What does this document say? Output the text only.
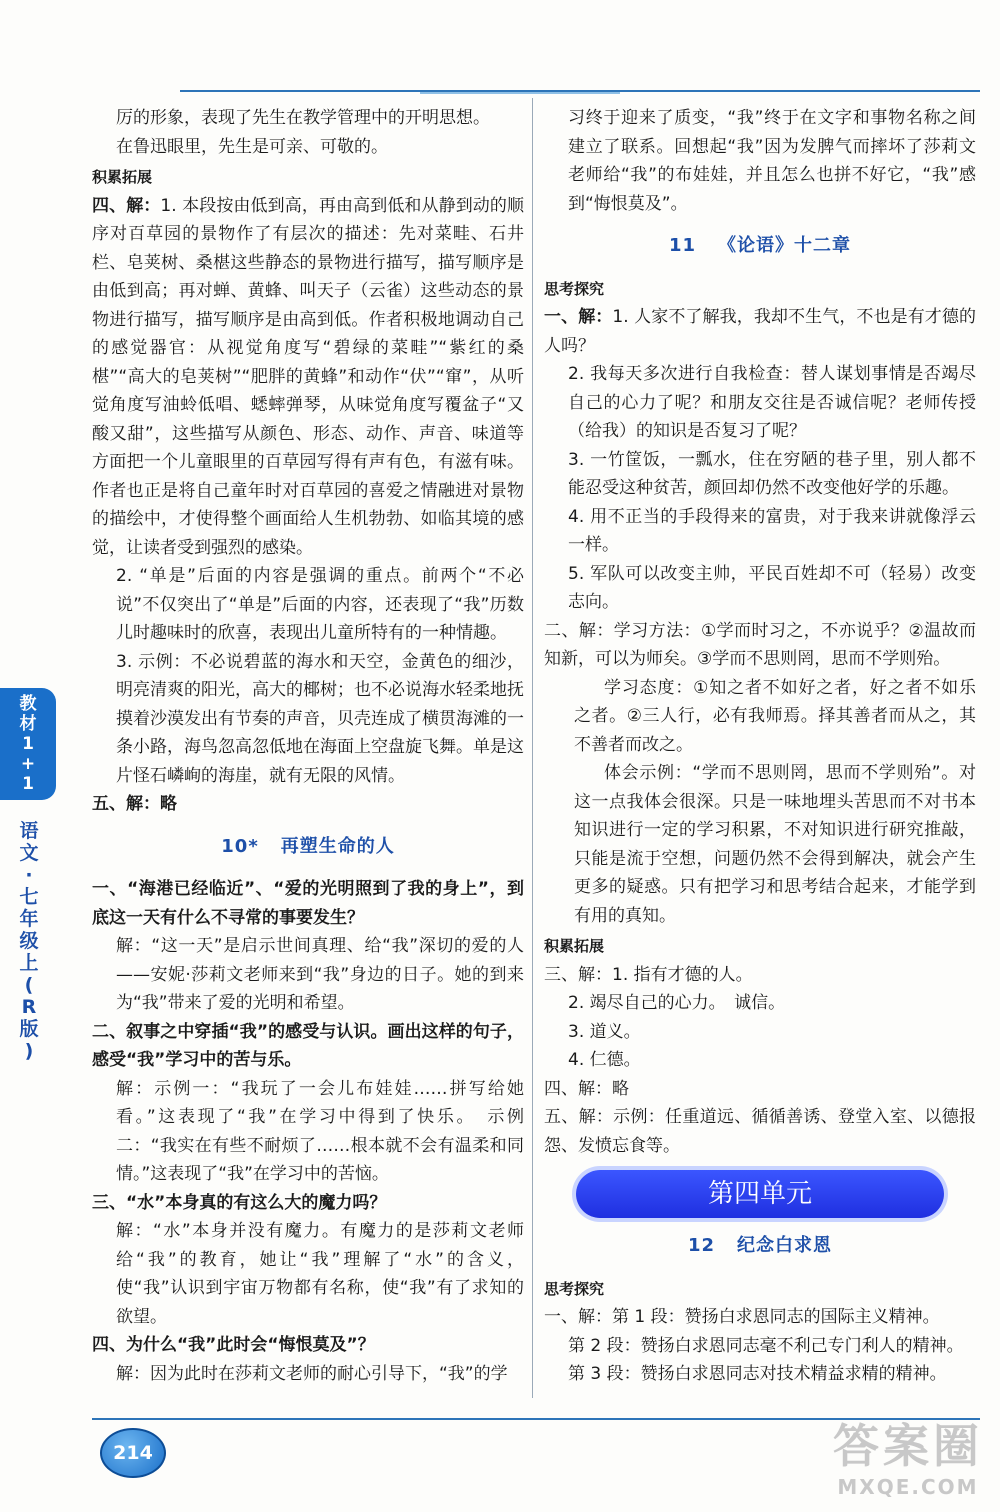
厉的形象，表现了先生在教学管理中的开明思想。

在鲁迅眼里，先生是可亲、可敬的。

积累拓展

四、解：1. 本段按由低到高，再由高到低和从静到动的顺序对百草园的景物作了有层次的描述：先对菜畦、石井栏、皂荚树、桑椹这些静态的景物进行描写，描写顺序是由低到高；再对蝉、黄蜂、叫天子（云雀）这些动态的景物进行描写，描写顺序是由高到低。作者积极地调动自己的感觉器官：从视觉角度写“碧绿的菜畦”“紫红的桑椹”“高大的皂荚树”“肥胖的黄蜂”和动作“伏”“窜”，从听觉角度写油蛉低唱、蟋蟀弹琴，从味觉角度写覆盆子“又酸又甜”，这些描写从颜色、形态、动作、声音、味道等方面把一个儿童眼里的百草园写得有声有色，有滋有味。作者也正是将自己童年时对百草园的喜爱之情融进对景物的描绘中，才使得整个画面给人生机勃勃、如临其境的感觉，让读者受到强烈的感染。

2. “单是”后面的内容是强调的重点。前两个“不必说”不仅突出了“单是”后面的内容，还表现了“我”历数儿时趣味时的欣喜，表现出儿童所特有的一种情趣。

3. 示例：不必说碧蓝的海水和天空，金黄色的细沙，明亮清爽的阳光，高大的椰树；也不必说海水轻柔地抚摸着沙漠发出有节奏的声音，贝壳连成了横贯海滩的一条小路，海鸟忽高忽低地在海面上空盘旋飞舞。单是这片怪石嶙峋的海崖，就有无限的风情。

五、解：略

10* 再塑生命的人

一、“海港已经临近”、“爱的光明照到了我的身上”，到底这一天有什么不寻常的事要发生？

解：“这一天”是启示世间真理、给“我”深切的爱的人——安妮·莎莉文老师来到“我”身边的日子。她的到来为“我”带来了爱的光明和希望。

二、叙事之中穿插“我”的感受与认识。画出这样的句子，感受“我”学习中的苦与乐。

解：示例一：“我玩了一会儿布娃娃……拼写给她看。”这表现了“我”在学习中得到了快乐。　示例二：“我实在有些不耐烦了……根本就不会有温柔和同情。”这表现了“我”在学习中的苦恼。

三、“水”本身真的有这么大的魔力吗？

解：“水”本身并没有魔力。有魔力的是莎莉文老师给“我”的教育，她让“我”理解了“水”的含义，使“我”认识到宇宙万物都有名称，使“我”有了求知的欲望。

四、为什么“我”此时会“悔恨莫及”？

解：因为此时在莎莉文老师的耐心引导下，“我”的学

习终于迎来了质变，“我”终于在文字和事物名称之间建立了联系。回想起“我”因为发脾气而摔坏了莎莉文老师给“我”的布娃娃，并且怎么也拼不好它，“我”感到“悔恨莫及”。

11 《论语》十二章

思考探究

一、解：1. 人家不了解我，我却不生气，不也是有才德的人吗？

2. 我每天多次进行自我检查：替人谋划事情是否竭尽自己的心力了呢？和朋友交往是否诚信呢？老师传授（给我）的知识是否复习了呢？

3. 一竹筐饭，一瓢水，住在穷陋的巷子里，别人都不能忍受这种贫苦，颜回却仍然不改变他好学的乐趣。

4. 用不正当的手段得来的富贵，对于我来讲就像浮云一样。

5. 军队可以改变主帅，平民百姓却不可（轻易）改变志向。

二、解：学习方法：①学而时习之，不亦说乎？②温故而知新，可以为师矣。③学而不思则罔，思而不学则殆。

学习态度：①知之者不如好之者，好之者不如乐之者。②三人行，必有我师焉。择其善者而从之，其不善者而改之。

体会示例：“学而不思则罔，思而不学则殆”。对这一点我体会很深。只是一味地埋头苦思而不对书本知识进行一定的学习积累，不对知识进行研究推敲，只能是流于空想，问题仍然不会得到解决，就会产生更多的疑惑。只有把学习和思考结合起来，才能学到有用的真知。

积累拓展

三、解：1. 指有才德的人。

2. 竭尽自己的心力。　诚信。

3. 道义。

4. 仁德。

四、解：略

五、解：示例：任重道远、循循善诱、登堂入室、以德报怨、发愤忘食等。

第四单元
12 纪念白求恩

思考探究

一、解：第 1 段：赞扬白求恩同志的国际主义精神。

第 2 段：赞扬白求恩同志毫不利己专门利人的精神。

第 3 段：赞扬白求恩同志对技术精益求精的精神。

教
材
1
+
1
语
文
·
七
年
级
上
(
R
版
)
214	答案圈
MXQE.COM
